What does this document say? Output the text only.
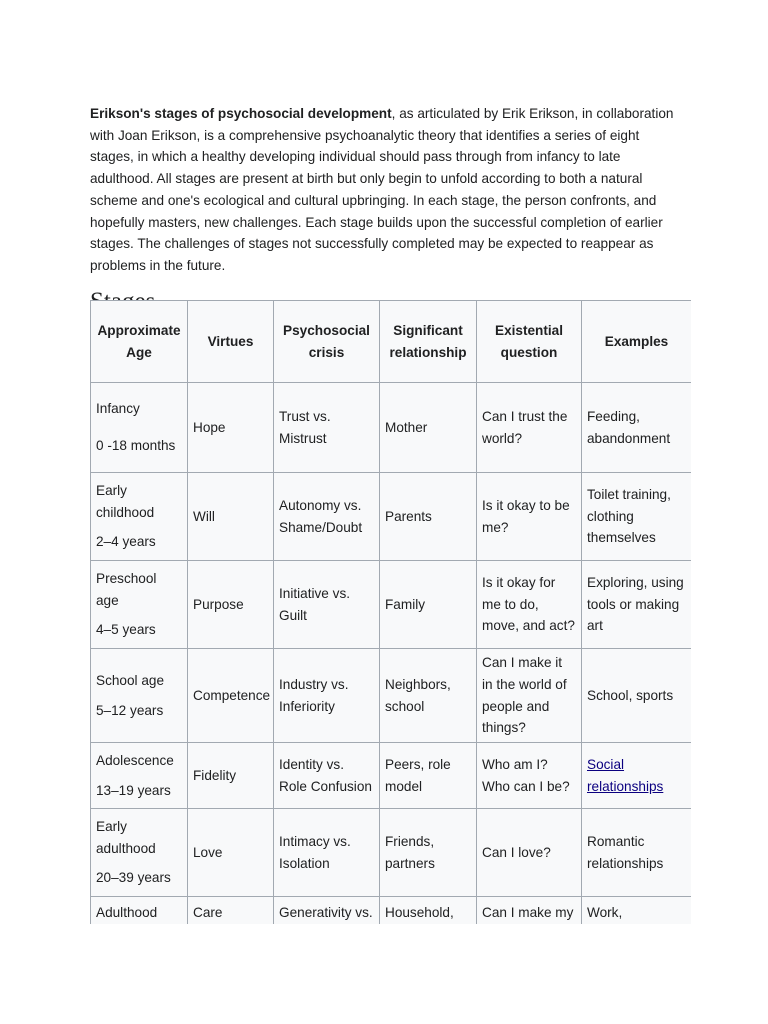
Erikson's stages of psychosocial development, as articulated by Erik Erikson, in collaboration with Joan Erikson, is a comprehensive psychoanalytic theory that identifies a series of eight stages, in which a healthy developing individual should pass through from infancy to late adulthood. All stages are present at birth but only begin to unfold according to both a natural scheme and one's ecological and cultural upbringing. In each stage, the person confronts, and hopefully masters, new challenges. Each stage builds upon the successful completion of earlier stages. The challenges of stages not successfully completed may be expected to reappear as problems in the future.

Approximate Age	Virtues	Psychosocial crisis	Significant relationship	Existential question	Examples

Infancy
0 -18 months	Hope	Trust vs. Mistrust	Mother	Can I trust the world?	Feeding, abandonment

Early childhood
2–4 years	Will	Autonomy vs. Shame/Doubt	Parents	Is it okay to be me?	Toilet training, clothing themselves

Preschool age
4–5 years	Purpose	Initiative vs. Guilt	Family	Is it okay for me to do, move, and act?	Exploring, using tools or making art

School age
5–12 years	Competence	Industry vs. Inferiority	Neighbors, school	Can I make it in the world of people and things?	School, sports

Adolescence
13–19 years	Fidelity	Identity vs. Role Confusion	Peers, role model	Who am I? Who can I be?	Social relationships

Early adulthood
20–39 years	Love	Intimacy vs. Isolation	Friends, partners	Can I love?	Romantic relationships

Adulthood	Care	Generativity vs.	Household,	Can I make my	Work,
